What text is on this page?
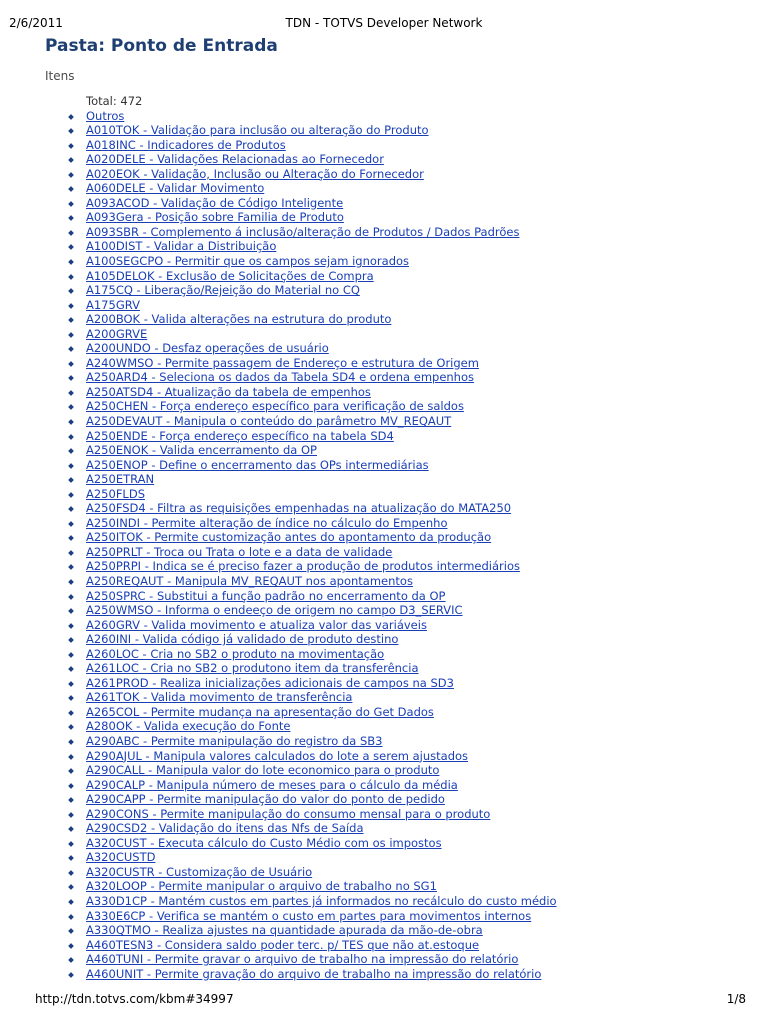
2/6/2011	TDN - TOTVS Developer Network
Pasta: Ponto de Entrada
Itens
Total: 472
Outros
A010TOK - Validação para inclusão ou alteração do Produto
A018INC - Indicadores de Produtos
A020DELE - Validações Relacionadas ao Fornecedor
A020EOK - Validação, Inclusão ou Alteração do Fornecedor
A060DELE - Validar Movimento
A093ACOD - Validação de Código Inteligente
A093Gera - Posição sobre Familia de Produto
A093SBR - Complemento á inclusão/alteração de Produtos / Dados Padrões
A100DIST - Validar a Distribuição
A100SEGCPO - Permitir que os campos sejam ignorados
A105DELOK - Exclusão de Solicitações de Compra
A175CQ - Liberação/Rejeição do Material no CQ
A175GRV
A200BOK - Valida alterações na estrutura do produto
A200GRVE
A200UNDO - Desfaz operações de usuário
A240WMSO - Permite passagem de Endereço e estrutura de Origem
A250ARD4 - Seleciona os dados da Tabela SD4 e ordena empenhos
A250ATSD4 - Atualização da tabela de empenhos
A250CHEN - Força endereço específico para verificação de saldos
A250DEVAUT - Manipula o conteúdo do parâmetro MV_REQAUT
A250ENDE - Força endereço específico na tabela SD4
A250ENOK - Valida encerramento da OP
A250ENOP - Define o encerramento das OPs intermediárias
A250ETRAN
A250FLDS
A250FSD4 - Filtra as requisições empenhadas na atualização do MATA250
A250INDI - Permite alteração de índice no cálculo do Empenho
A250ITOK - Permite customização antes do apontamento da produção
A250PRLT - Troca ou Trata o lote e a data de validade
A250PRPI - Indica se é preciso fazer a produção de produtos intermediários
A250REQAUT - Manipula MV_REQAUT nos apontamentos
A250SPRC - Substitui a função padrão no encerramento da OP
A250WMSO - Informa o endeeço de origem no campo D3_SERVIC
A260GRV - Valida movimento e atualiza valor das variáveis
A260INI - Valida código já validado de produto destino
A260LOC - Cria no SB2 o produto na movimentação
A261LOC - Cria no SB2 o produtono item da transferência
A261PROD - Realiza inicializações adicionais de campos na SD3
A261TOK - Valida movimento de transferência
A265COL - Permite mudança na apresentação do Get Dados
A280OK - Valida execução do Fonte
A290ABC - Permite manipulação do registro da SB3
A290AJUL - Manipula valores calculados do lote a serem ajustados
A290CALL - Manipula valor do lote economico para o produto
A290CALP - Manipula número de meses para o cálculo da média
A290CAPP - Permite manipulação do valor do ponto de pedido
A290CONS - Permite manipulação do consumo mensal para o produto
A290CSD2 - Validação do itens das Nfs de Saída
A320CUST - Executa cálculo do Custo Médio com os impostos
A320CUSTD
A320CUSTR - Customização de Usuário
A320LOOP - Permite manipular o arquivo de trabalho no SG1
A330D1CP - Mantém custos em partes já informados no recálculo do custo médio
A330E6CP - Verifica se mantém o custo em partes para movimentos internos
A330QTMO - Realiza ajustes na quantidade apurada da mão-de-obra
A460TESN3 - Considera saldo poder terc. p/ TES que não at.estoque
A460TUNI - Permite gravar o arquivo de trabalho na impressão do relatório
A460UNIT - Permite gravação do arquivo de trabalho na impressão do relatório
http://tdn.totvs.com/kbm#34997	1/8
